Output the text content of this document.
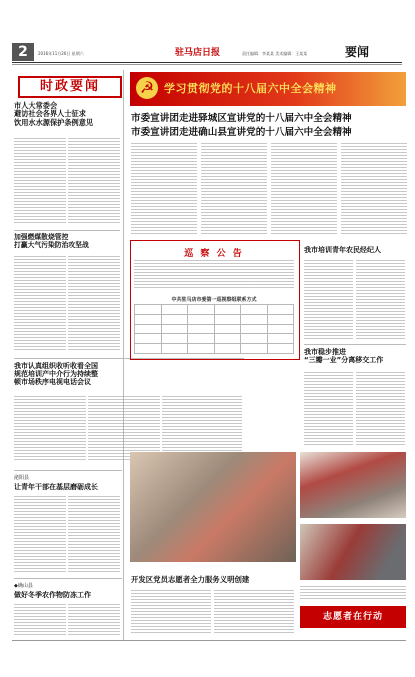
2	2016年11月26日 星期六	驻马店日报	责任编辑：李某某 美术编辑：王某某	要闻
时政要闻
市人大常委会
避访社会各界人士征求
饮用水水源保护条例意见
加强燃煤散烧管控
打赢大气污染防治攻坚战
我市认真组织收听收看全国
规范培训产中介行为持续整
顿市场秩序电视电话会议
泌阳县
让青年干部在基层磨砺成长
◆确山县
做好冬季农作物防冻工作
☭ 学习贯彻党的十八届六中全会精神
市委宣讲团走进驿城区宣讲党的十八届六中全会精神
市委宣讲团走进确山县宣讲党的十八届六中全会精神
巡 察 公 告
中共驻马店市委第一巡视察组联系方式

我市培训青年农民经纪人
我市稳步推进
“三瓣一业”分离移交工作
开发区党员志愿者全力服务义明创建
志愿者在行动
